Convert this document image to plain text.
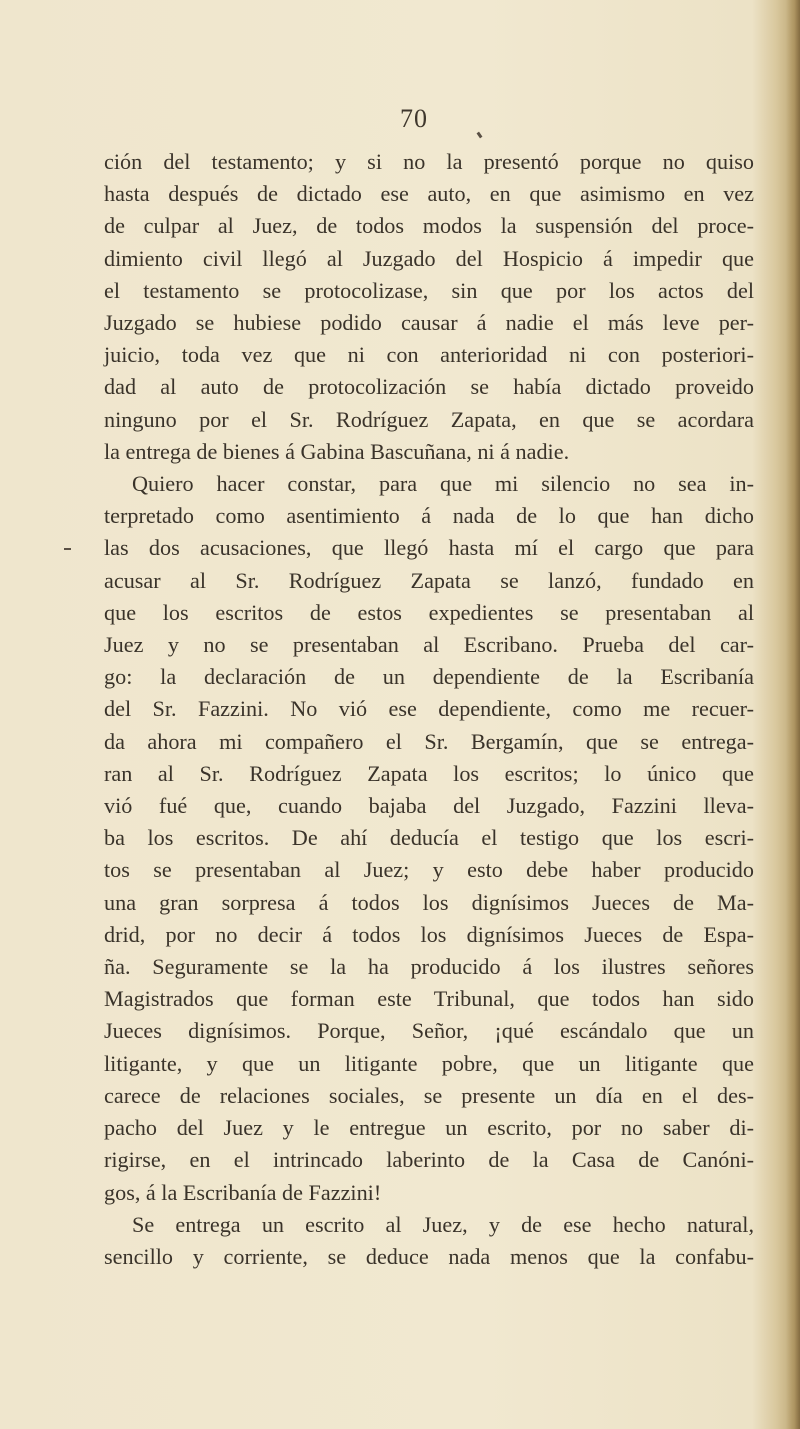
70
ción del testamento; y si no la presentó porque no quiso
hasta después de dictado ese auto, en que asimismo en vez
de culpar al Juez, de todos modos la suspensión del proce-
dimiento civil llegó al Juzgado del Hospicio á impedir que
el testamento se protocolizase, sin que por los actos del
Juzgado se hubiese podido causar á nadie el más leve per-
juicio, toda vez que ni con anterioridad ni con posteriori-
dad al auto de protocolización se había dictado proveido
ninguno por el Sr. Rodríguez Zapata, en que se acordara
la entrega de bienes á Gabina Bascuñana, ni á nadie.
Quiero hacer constar, para que mi silencio no sea in-
terpretado como asentimiento á nada de lo que han dicho
las dos acusaciones, que llegó hasta mí el cargo que para
acusar al Sr. Rodríguez Zapata se lanzó, fundado en
que los escritos de estos expedientes se presentaban al
Juez y no se presentaban al Escribano. Prueba del car-
go: la declaración de un dependiente de la Escribanía
del Sr. Fazzini. No vió ese dependiente, como me recuer-
da ahora mi compañero el Sr. Bergamín, que se entrega-
ran al Sr. Rodríguez Zapata los escritos; lo único que
vió fué que, cuando bajaba del Juzgado, Fazzini lleva-
ba los escritos. De ahí deducía el testigo que los escri-
tos se presentaban al Juez; y esto debe haber producido
una gran sorpresa á todos los dignísimos Jueces de Ma-
drid, por no decir á todos los dignísimos Jueces de Espa-
ña. Seguramente se la ha producido á los ilustres señores
Magistrados que forman este Tribunal, que todos han sido
Jueces dignísimos. Porque, Señor, ¡qué escándalo que un
litigante, y que un litigante pobre, que un litigante que
carece de relaciones sociales, se presente un día en el des-
pacho del Juez y le entregue un escrito, por no saber di-
rigirse, en el intrincado laberinto de la Casa de Canóni-
gos, á la Escribanía de Fazzini!
Se entrega un escrito al Juez, y de ese hecho natural,
sencillo y corriente, se deduce nada menos que la confabu-
